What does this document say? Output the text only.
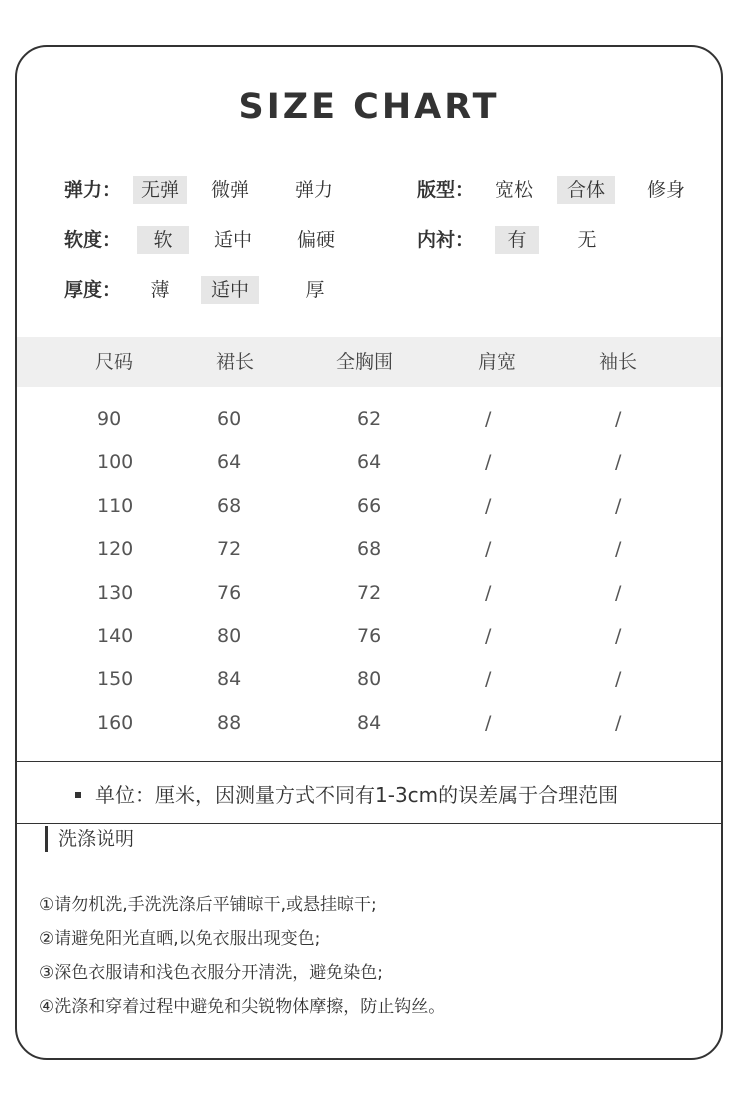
SIZE CHART
弹力：	无弹	微弹	弹力	版型：	宽松	合体	修身
软度：	软	适中	偏硬	内衬：	有	无
厚度：	薄	适中	厚
尺码	裙长	全胸围	肩宽	袖长
90	60	62	/	/
100	64	64	/	/
110	68	66	/	/
120	72	68	/	/
130	76	72	/	/
140	80	76	/	/
150	84	80	/	/
160	88	84	/	/
单位：厘米，因测量方式不同有1-3cm的误差属于合理范围
洗涤说明
①请勿机洗,手洗洗涤后平铺晾干,或悬挂晾干;
②请避免阳光直晒,以免衣服出现变色;
③深色衣服请和浅色衣服分开清洗，避免染色;
④洗涤和穿着过程中避免和尖锐物体摩擦，防止钩丝。
